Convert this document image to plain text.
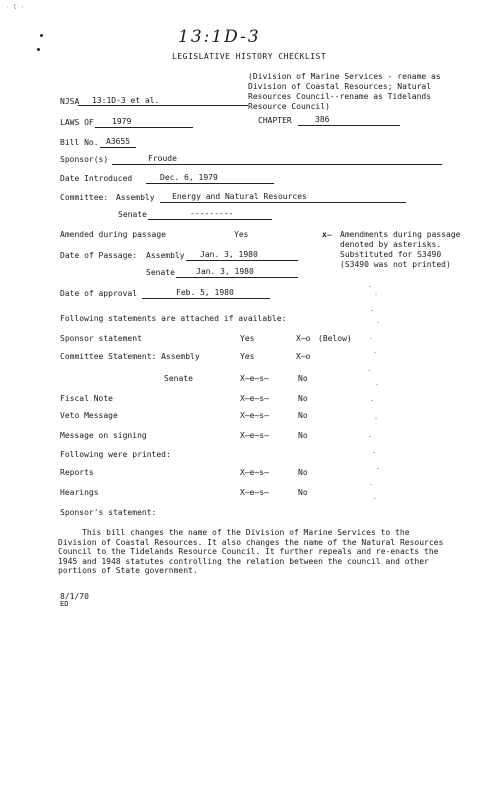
· l ·
13:1D-3
LEGISLATIVE HISTORY CHECKLIST
(Division of Marine Services - rename as
Division of Coastal Resources; Natural
Resources Council--rename as Tidelands
Resource Council)
NJSA 13:1D-3 et al.
LAWS OF 1979	CHAPTER	386
Bill No. A3655
Sponsor(s)	Froude
Date Introduced	Dec. 6, 1979
Committee: Assembly Energy and Natural Resources
Senate	---------
Amended during passage	Yes	x̶ Amendments during passage
denoted by asterisks.
Substituted for S3490
(S3490 was not printed)
Date of Passage: Assembly Jan. 3, 1980
Senate	Jan. 3, 1980
Date of approval	Feb. 5, 1980
Following statements are attached if available:
Sponsor statement	Yes	X̶o (Below)
Committee Statement: Assembly	Yes	X̶o
Senate	X̶e̶s̶	No
Fiscal Note	X̶e̶s̶	No
Veto Message	X̶e̶s̶	No
Message on signing	X̶e̶s̶	No
Following were printed:
Reports	X̶e̶s̶	No
Hearings	X̶e̶s̶	No
Sponsor's statement:
This bill changes the name of the Division of Marine Services to the Division of Coastal Resources. It also changes the name of the Natural Resources Council to the Tidelands Resource Council. It further repeals and re-enacts the 1945 and 1948 statutes controlling the relation between the council and other portions of State government.
8/1/70
ED
